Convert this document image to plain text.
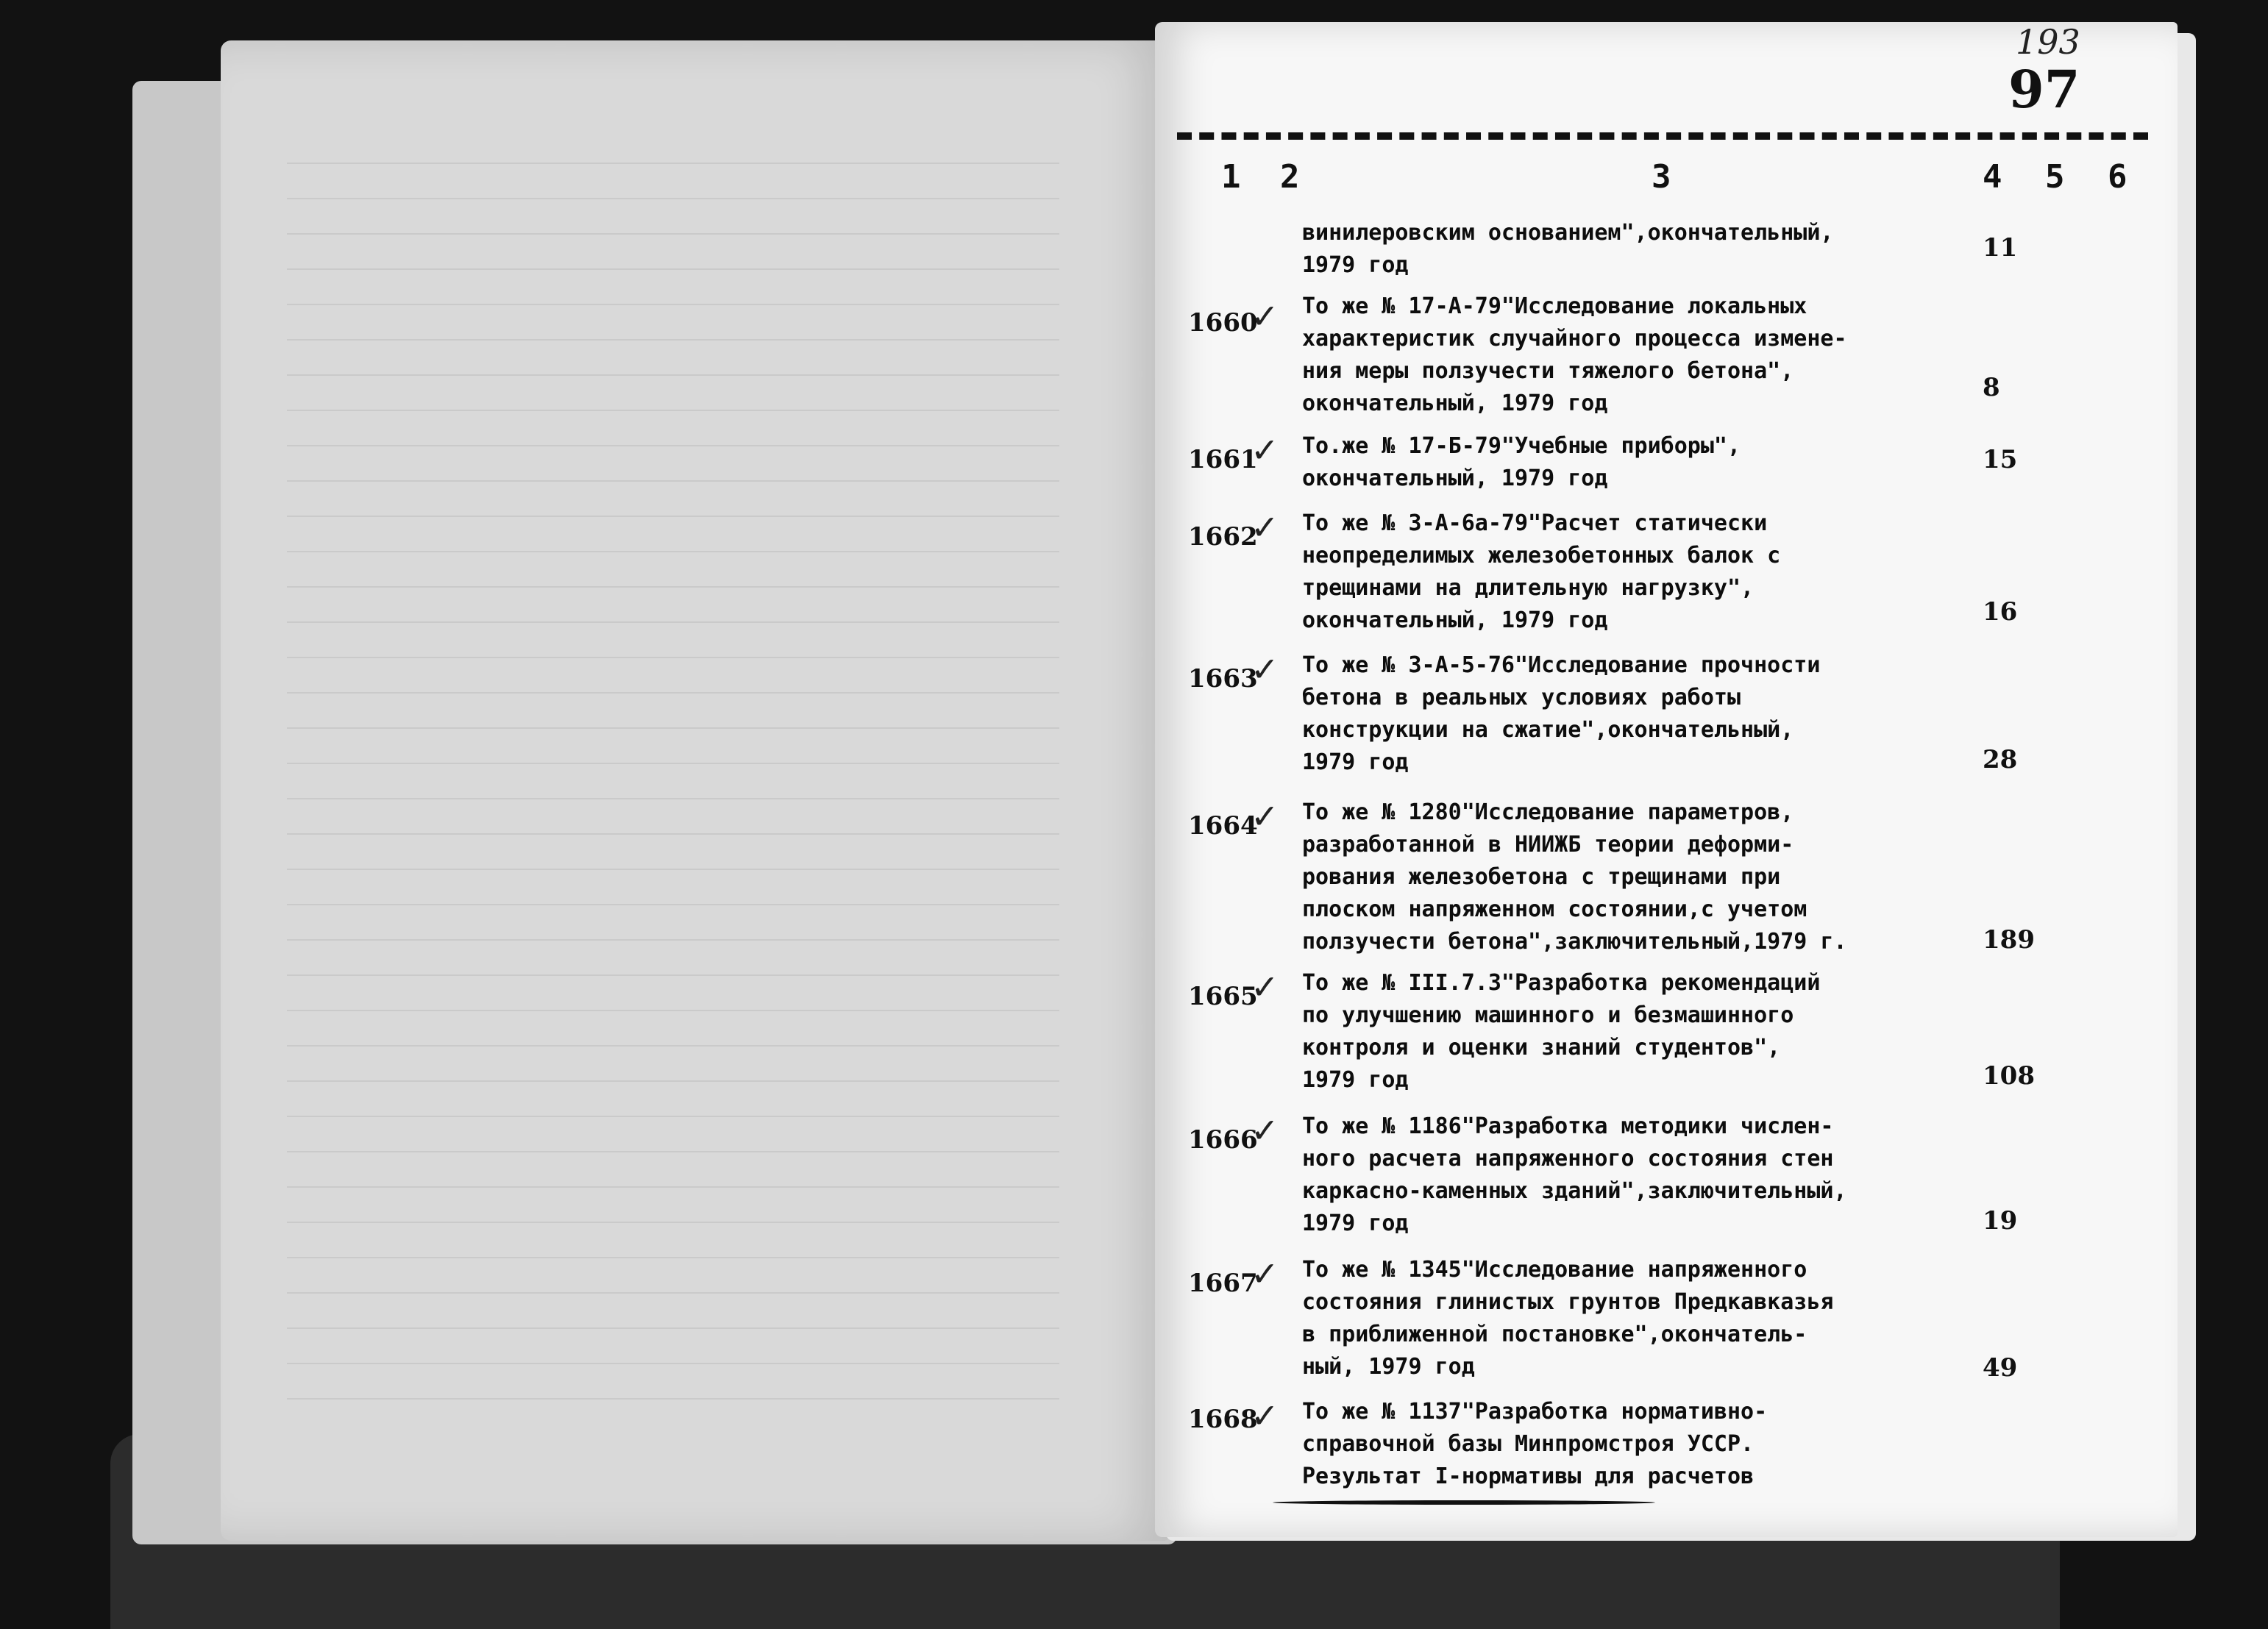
193
97
1 2	3	4 5 6
винилеровским основанием",окончательный,
1979 год
11
1660
✓ То же № 17-А-79"Исследование локальных
характеристик случайного процесса измене-
ния меры ползучести тяжелого бетона",
окончательный, 1979 год
8
1661
✓ То.же № 17-Б-79"Учебные приборы",
окончательный, 1979 год
15
1662
✓ То же № 3-А-6а-79"Расчет статически
неопределимых железобетонных балок с
трещинами на длительную нагрузку",
окончательный, 1979 год	16
1663
✓ То же № 3-А-5-76"Исследование прочности
бетона в реальных условиях работы
конструкции на сжатие",окончательный,
1979 год	28
1664
✓ То же № 1280"Исследование параметров,
разработанной в НИИЖБ теории деформи-
рования железобетона с трещинами при
плоском напряженном состоянии,с учетом
ползучести бетона",заключительный,1979 г.	189
1665
✓ То же № III.7.3"Разработка рекомендаций
по улучшению машинного и безмашинного
контроля и оценки знаний студентов",
1979 год	108
1666
✓ То же № 1186"Разработка методики числен-
ного расчета напряженного состояния стен
каркасно-каменных зданий",заключительный,
1979 год	19
1667
✓ То же № 1345"Исследование напряженного
состояния глинистых грунтов Предкавказья
в приближенной постановке",окончатель-
ный, 1979 год	49
1668
✓ То же № 1137"Разработка нормативно-
справочной базы Минпромстроя УССР.
Результат I-нормативы для расчетов
